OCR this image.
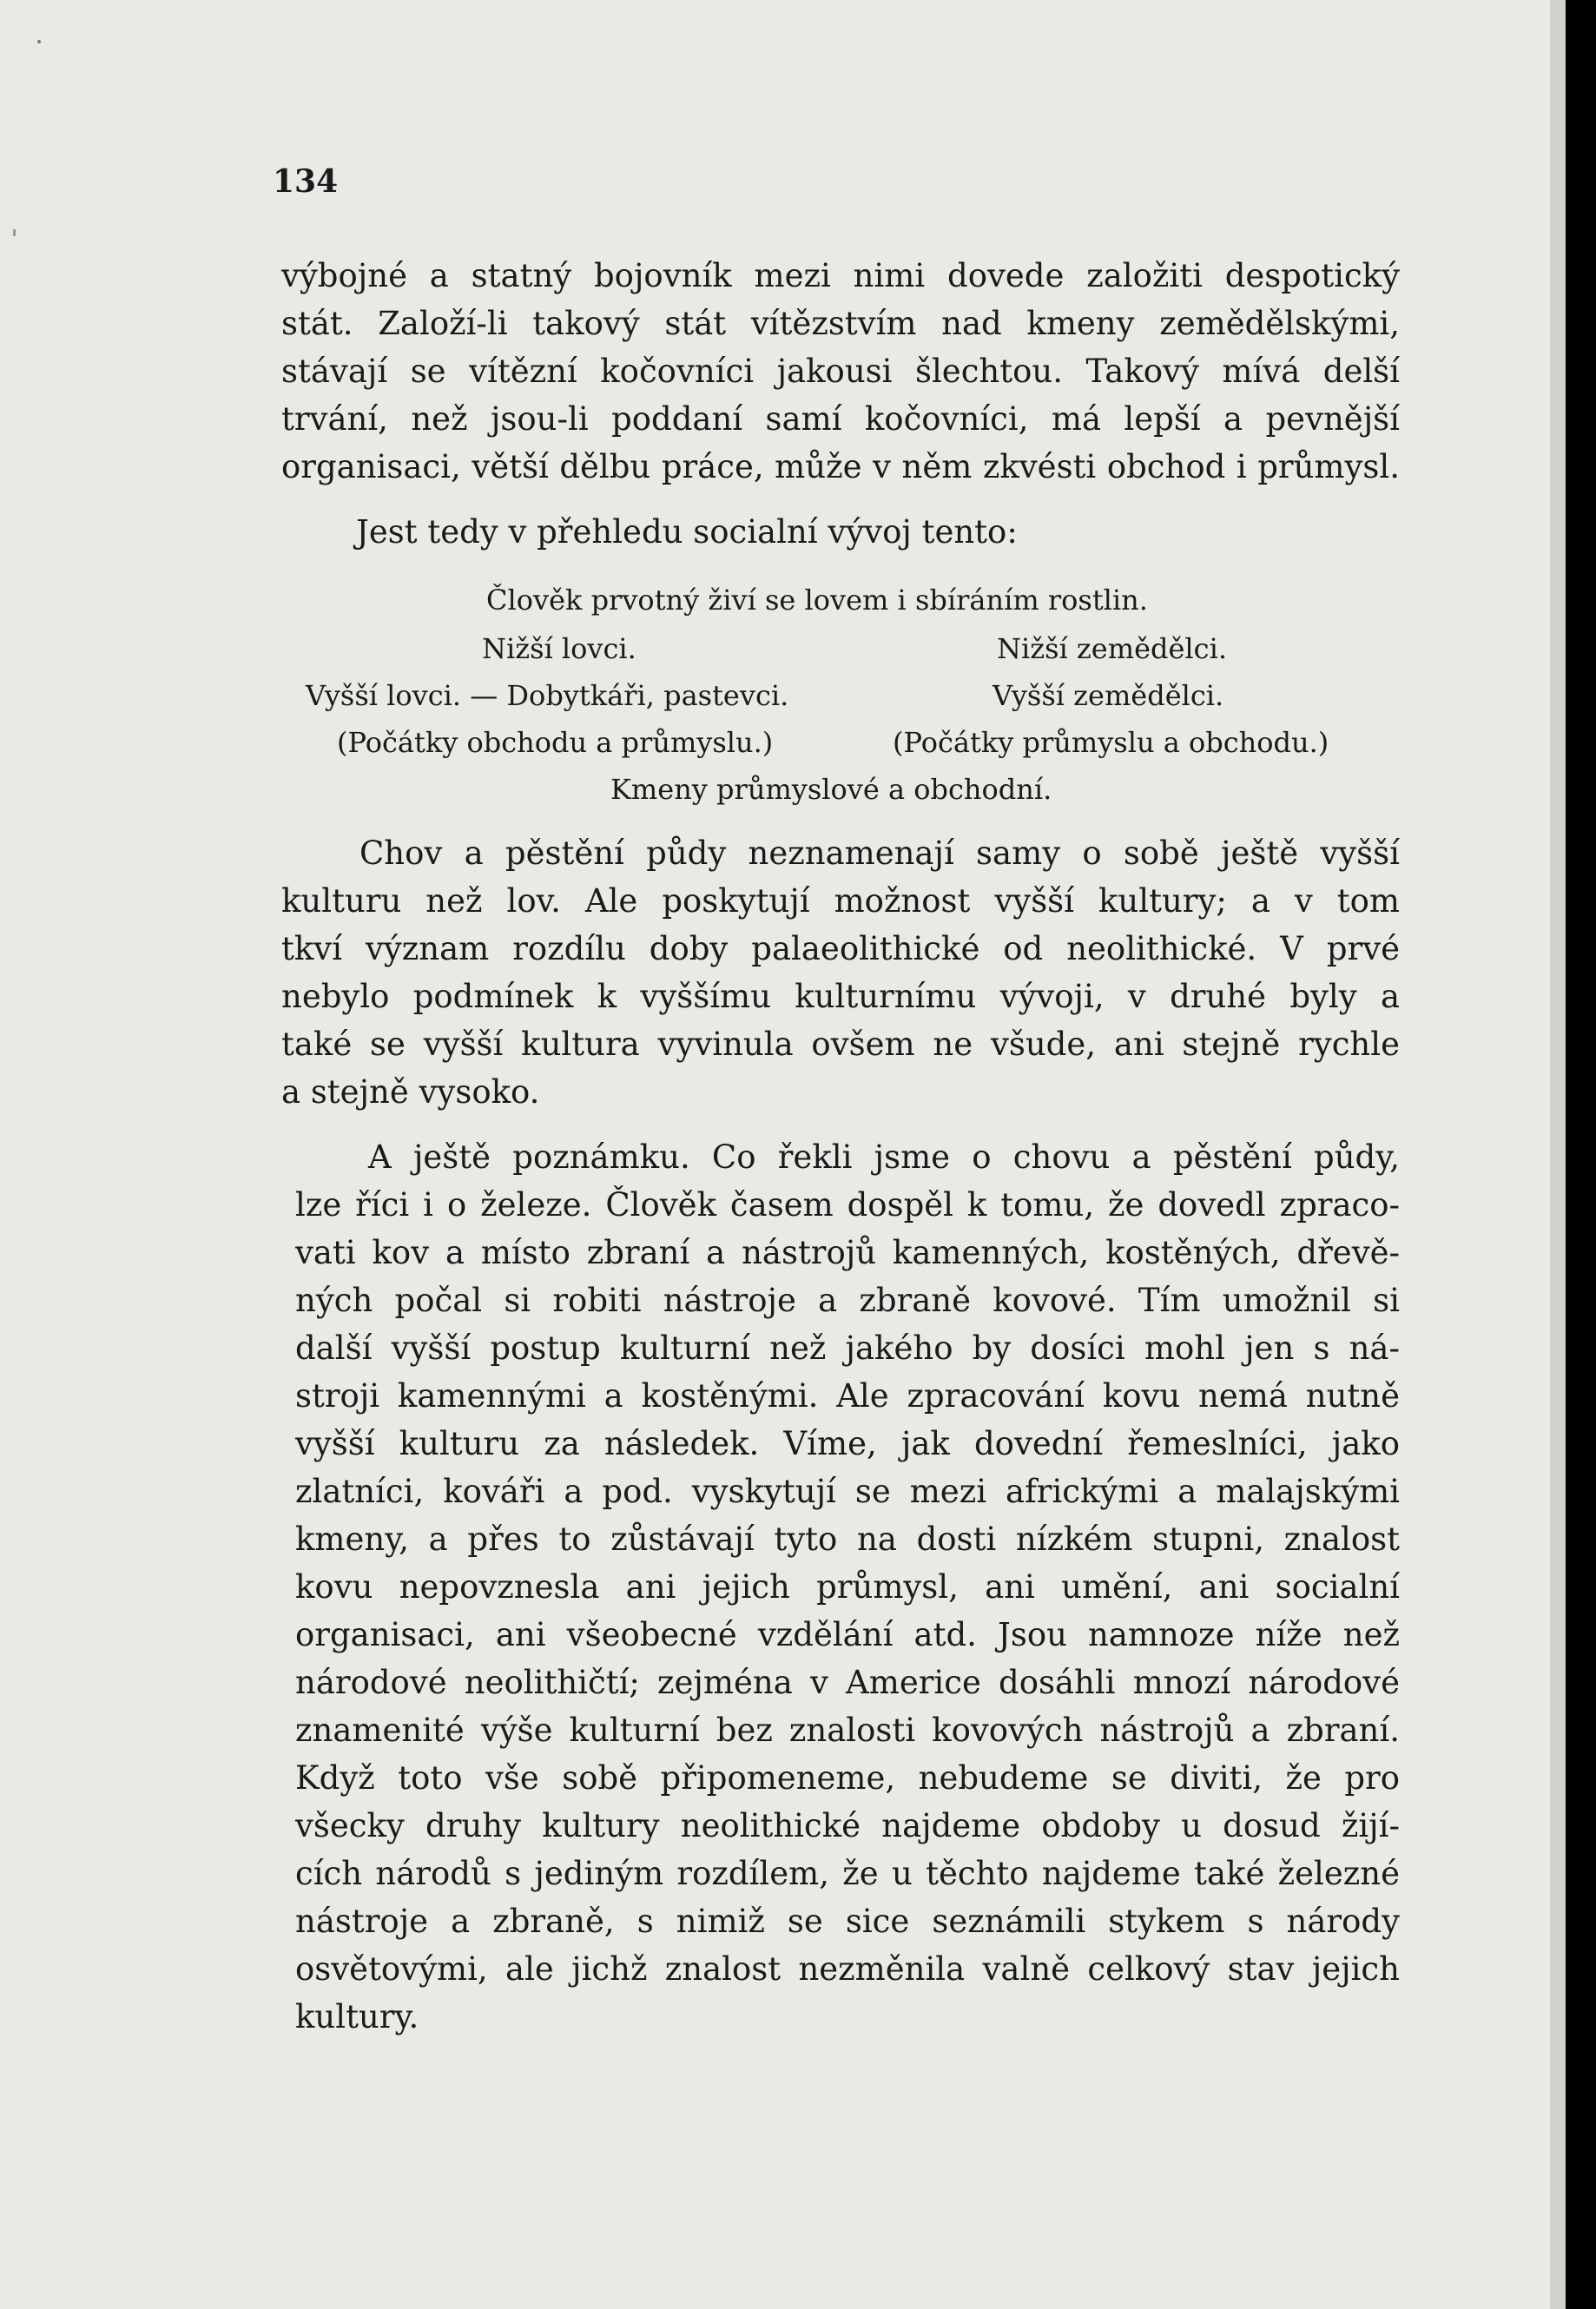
134
výbojné a statný bojovník mezi nimi dovede založiti despotický
stát. Založí-li takový stát vítězstvím nad kmeny zemědělskými,
stávají se vítězní kočovníci jakousi šlechtou. Takový mívá delší
trvání, než jsou-li poddaní samí kočovníci, má lepší a pevnější
organisaci, větší dělbu práce, může v něm zkvésti obchod i průmysl.
Jest tedy v přehledu socialní vývoj tento:
Člověk prvotný živí se lovem i sbíráním rostlin.
Nižší lovci.	Nižší zemědělci.
Vyšší lovci. — Dobytkáři, pastevci.	Vyšší zemědělci.
(Počátky obchodu a průmyslu.)	(Počátky průmyslu a obchodu.)
Kmeny průmyslové a obchodní.
Chov a pěstění půdy neznamenají samy o sobě ještě vyšší
kulturu než lov. Ale poskytují možnost vyšší kultury; a v tom
tkví význam rozdílu doby palaeolithické od neolithické. V prvé
nebylo podmínek k vyššímu kulturnímu vývoji, v druhé byly a
také se vyšší kultura vyvinula ovšem ne všude, ani stejně rychle
a stejně vysoko.
A ještě poznámku. Co řekli jsme o chovu a pěstění půdy,
lze říci i o železe. Člověk časem dospěl k tomu, že dovedl zpraco-
vati kov a místo zbraní a nástrojů kamenných, kostěných, dřevě-
ných počal si robiti nástroje a zbraně kovové. Tím umožnil si
další vyšší postup kulturní než jakého by dosíci mohl jen s ná-
stroji kamennými a kostěnými. Ale zpracování kovu nemá nutně
vyšší kulturu za následek. Víme, jak dovední řemeslníci, jako
zlatníci, kováři a pod. vyskytují se mezi africkými a malajskými
kmeny, a přes to zůstávají tyto na dosti nízkém stupni, znalost
kovu nepovznesla ani jejich průmysl, ani umění, ani socialní
organisaci, ani všeobecné vzdělání atd. Jsou namnoze níže než
národové neolithičtí; zejména v Americe dosáhli mnozí národové
znamenité výše kulturní bez znalosti kovových nástrojů a zbraní.
Když toto vše sobě připomeneme, nebudeme se diviti, že pro
všecky druhy kultury neolithické najdeme obdoby u dosud žijí-
cích národů s jediným rozdílem, že u těchto najdeme také železné
nástroje a zbraně, s nimiž se sice seznámili stykem s národy
osvětovými, ale jichž znalost nezměnila valně celkový stav jejich
kultury.
